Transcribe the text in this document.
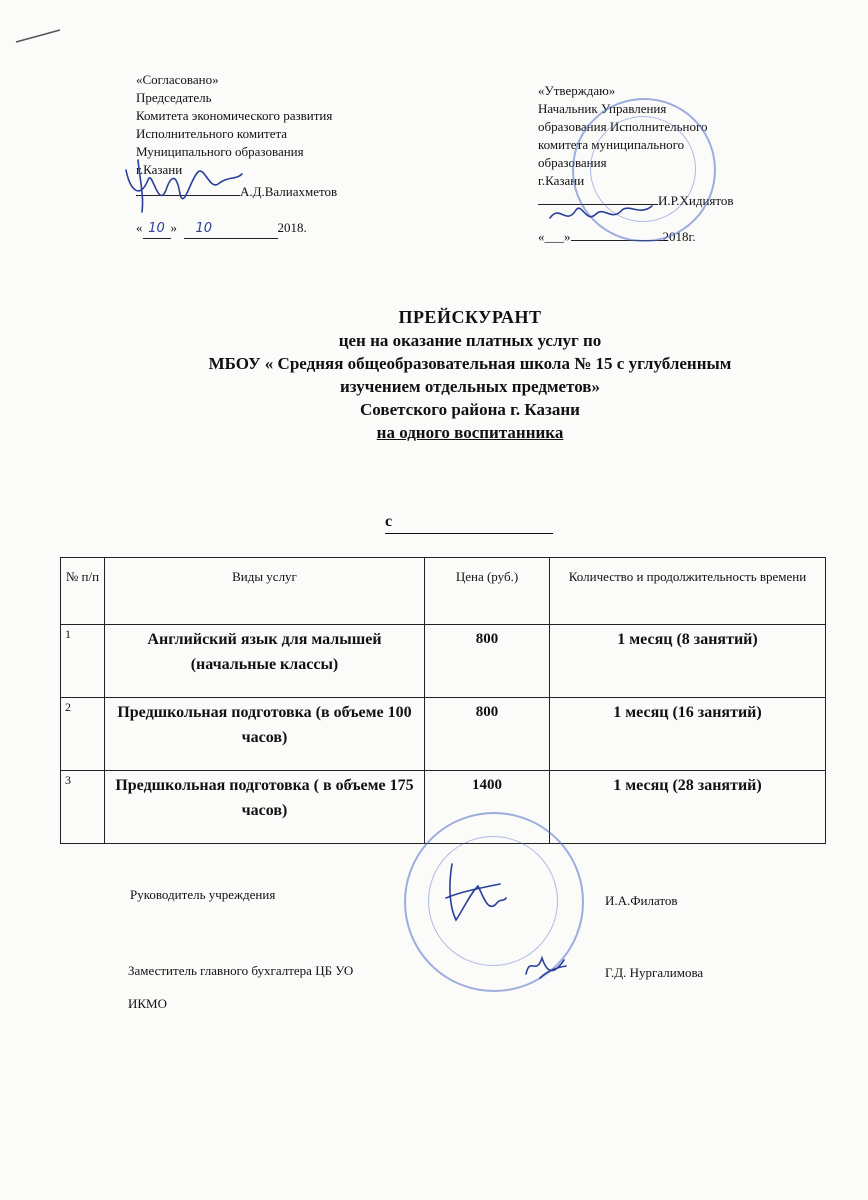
«Согласовано»
Председатель
Комитета экономического развития
Исполнительного комитета
Муниципального образования
г.Казани
А.Д.Валиахметов
« 10 »  10	2018.
«Утверждаю»
Начальник Управления
образования Исполнительного
комитета муниципального
образования
г.Казани
И.Р.Хидиятов
«___»	2018г.
ПРЕЙСКУРАНТ
цен на оказание платных услуг по
МБОУ « Средняя общеобразовательная школа № 15 с углубленным
изучением отдельных предметов»
Советского района г. Казани
на одного воспитанника
с
№ п/п	Виды услуг	Цена (руб.)	Количество и продолжительность времени
1	Английский язык для малышей (начальные классы)	800	1 месяц (8 занятий)
2	Предшкольная подготовка (в объеме 100 часов)	800	1 месяц (16 занятий)
3	Предшкольная подготовка ( в объеме 175 часов)	1400	1 месяц (28 занятий)
Руководитель учреждения	И.А.Филатов
Заместитель главного бухгалтера ЦБ УО
ИКМО
Г.Д. Нургалимова
